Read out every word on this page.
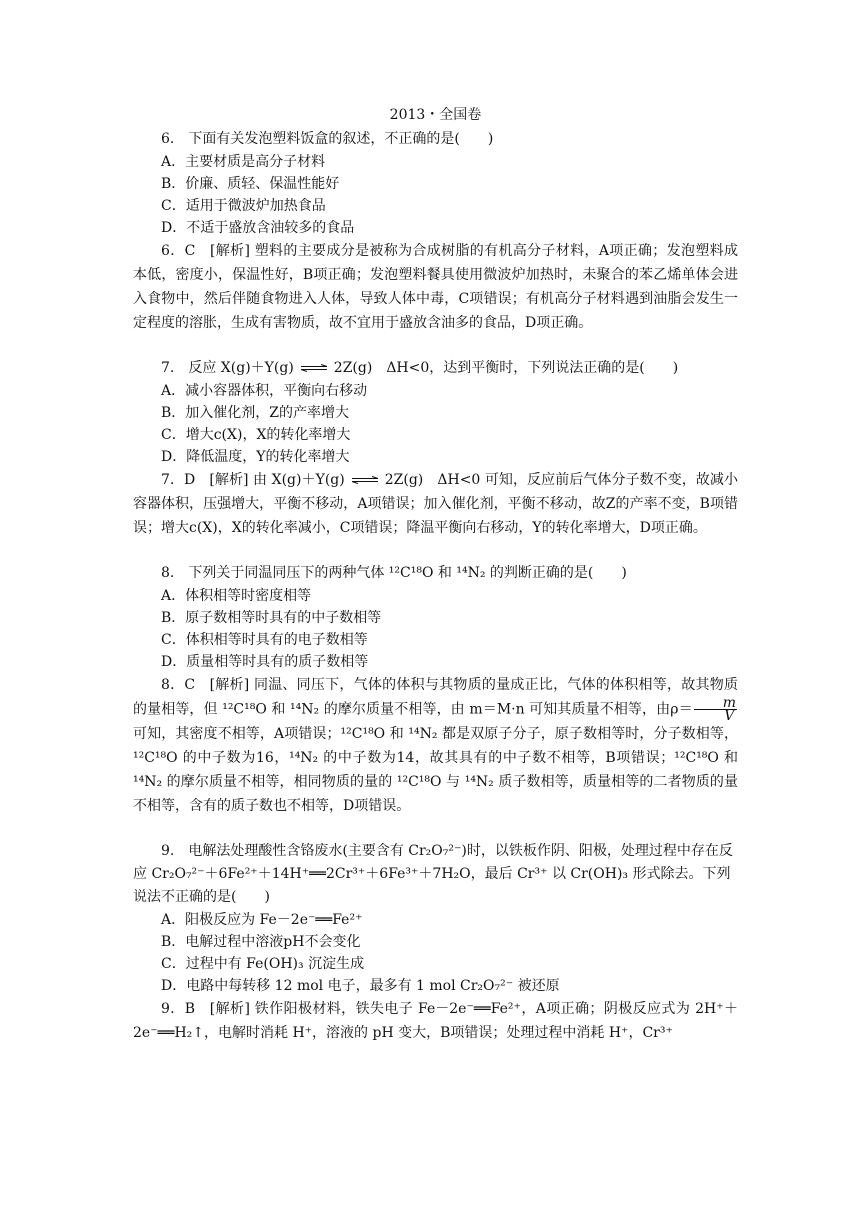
2013・全国卷

6.　下面有关发泡塑料饭盒的叙述，不正确的是(　　)

A．主要材质是高分子材料

B．价廉、质轻、保温性能好

C．适用于微波炉加热食品

D．不适于盛放含油较多的食品

6．C　[解析] 塑料的主要成分是被称为合成树脂的有机高分子材料，A项正确；发泡塑料成本低，密度小，保温性好，B项正确；发泡塑料餐具使用微波炉加热时，未聚合的苯乙烯单体会进入食物中，然后伴随食物进入人体，导致人体中毒，C项错误；有机高分子材料遇到油脂会发生一定程度的溶胀，生成有害物质，故不宜用于盛放含油多的食品，D项正确。

7.　反应 X(g)＋Y(g) ⇌ 2Z(g)　ΔH<0，达到平衡时，下列说法正确的是(　　)

A．减小容器体积，平衡向右移动

B．加入催化剂，Z的产率增大

C．增大c(X)，X的转化率增大

D．降低温度，Y的转化率增大

7．D　[解析] 由 X(g)＋Y(g) ⇌ 2Z(g)　ΔH<0 可知，反应前后气体分子数不变，故减小容器体积，压强增大，平衡不移动，A项错误；加入催化剂，平衡不移动，故Z的产率不变，B项错误；增大c(X)，X的转化率减小，C项错误；降温平衡向右移动，Y的转化率增大，D项正确。

8.　下列关于同温同压下的两种气体 ¹²C¹⁸O 和 ¹⁴N₂ 的判断正确的是(　　)

A．体积相等时密度相等

B．原子数相等时具有的中子数相等

C．体积相等时具有的电子数相等

D．质量相等时具有的质子数相等

8．C　[解析] 同温、同压下，气体的体积与其物质的量成正比，气体的体积相等，故其物质的量相等，但 ¹²C¹⁸O 和 ¹⁴N₂ 的摩尔质量不相等，由 m＝M·n 可知其质量不相等，由$\rho= \frac{m}{V}$
可知，其密度不相等，A项错误；¹²C¹⁸O 和 ¹⁴N₂ 都是双原子分子，原子数相等时，分子数相等，¹²C¹⁸O 的中子数为16，¹⁴N₂ 的中子数为14，故其具有的中子数不相等，B项错误；¹²C¹⁸O 和 ¹⁴N₂ 的摩尔质量不相等，相同物质的量的 ¹²C¹⁸O 与 ¹⁴N₂ 质子数相等，质量相等的二者物质的量不相等，含有的质子数也不相等，D项错误。

9.　电解法处理酸性含铬废水(主要含有 Cr₂O₇²⁻)时，以铁板作阴、阳极，处理过程中存在反应 Cr₂O₇²⁻＋6Fe²⁺＋14H⁺══2Cr³⁺＋6Fe³⁺＋7H₂O，最后 Cr³⁺ 以 Cr(OH)₃ 形式除去。下列说法不正确的是(　　)

A．阳极反应为 Fe－2e⁻══Fe²⁺

B．电解过程中溶液pH不会变化

C．过程中有 Fe(OH)₃ 沉淀生成

D．电路中每转移 12 mol 电子，最多有 1 mol Cr₂O₇²⁻ 被还原

9．B　[解析] 铁作阳极材料，铁失电子 Fe－2e⁻══Fe²⁺，A项正确；阴极反应式为 2H⁺＋2e⁻══H₂↑，电解时消耗 H⁺，溶液的 pH 变大，B项错误；处理过程中消耗 H⁺，Cr³⁺
